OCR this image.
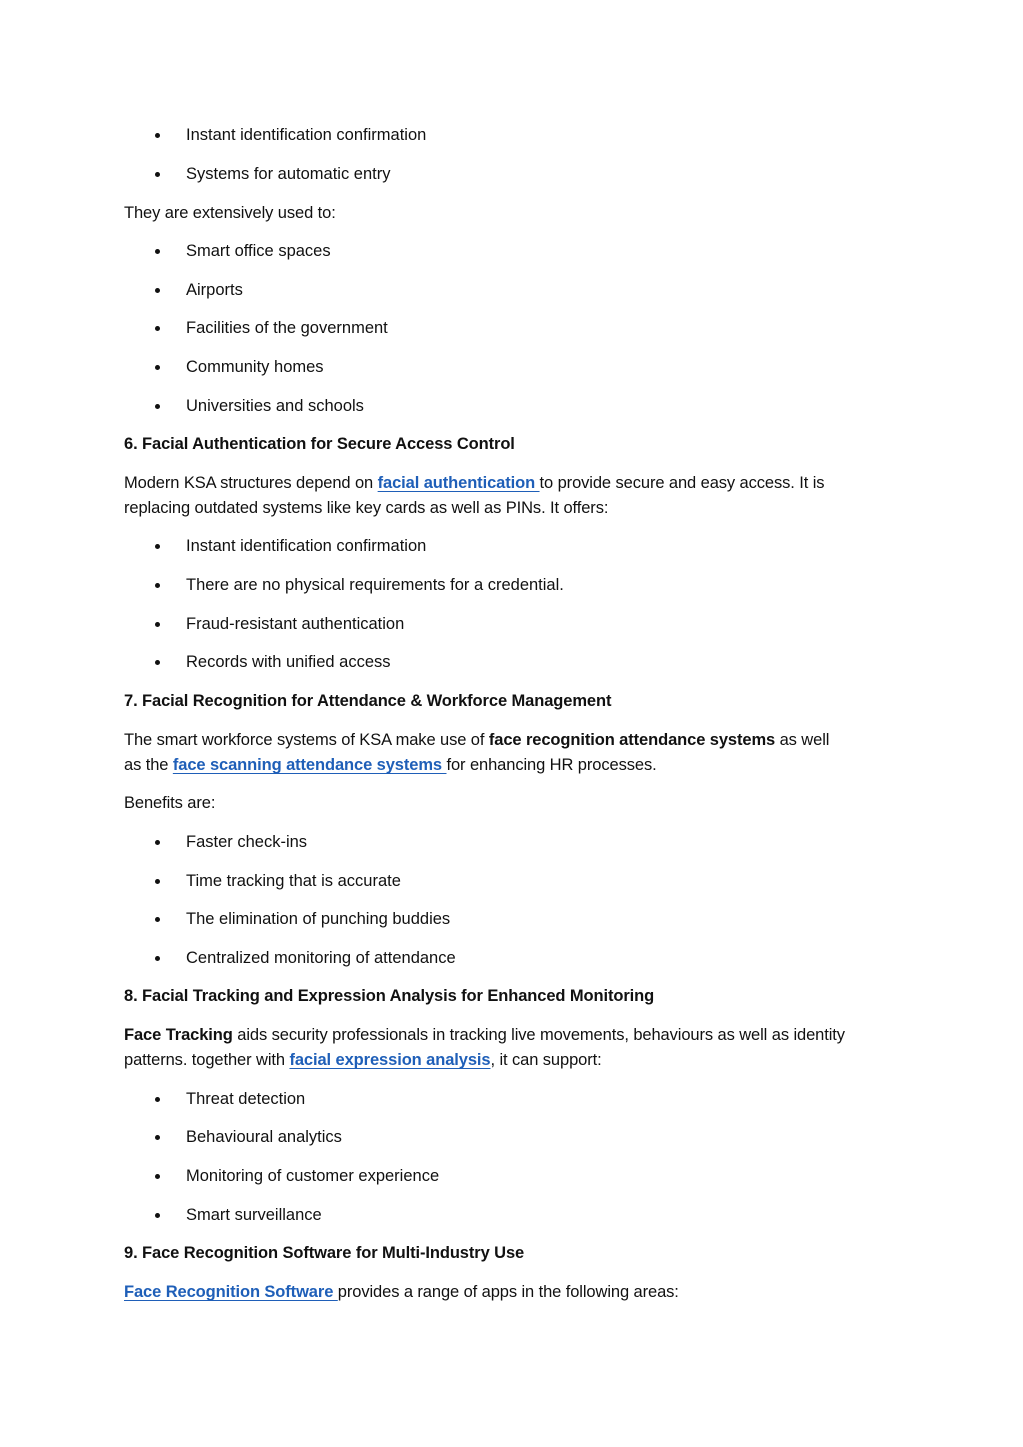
Instant identification confirmation
Systems for automatic entry
They are extensively used to:
Smart office spaces
Airports
Facilities of the government
Community homes
Universities and schools
6. Facial Authentication for Secure Access Control
Modern KSA structures depend on facial authentication to provide secure and easy access. It is
replacing outdated systems like key cards as well as PINs. It offers:
Instant identification confirmation
There are no physical requirements for a credential.
Fraud-resistant authentication
Records with unified access
7. Facial Recognition for Attendance & Workforce Management
The smart workforce systems of KSA make use of face recognition attendance systems as well
as the face scanning attendance systems for enhancing HR processes.
Benefits are:
Faster check-ins
Time tracking that is accurate
The elimination of punching buddies
Centralized monitoring of attendance
8. Facial Tracking and Expression Analysis for Enhanced Monitoring
Face Tracking aids security professionals in tracking live movements, behaviours as well as identity
patterns. together with facial expression analysis, it can support:
Threat detection
Behavioural analytics
Monitoring of customer experience
Smart surveillance
9. Face Recognition Software for Multi-Industry Use
Face Recognition Software provides a range of apps in the following areas:
